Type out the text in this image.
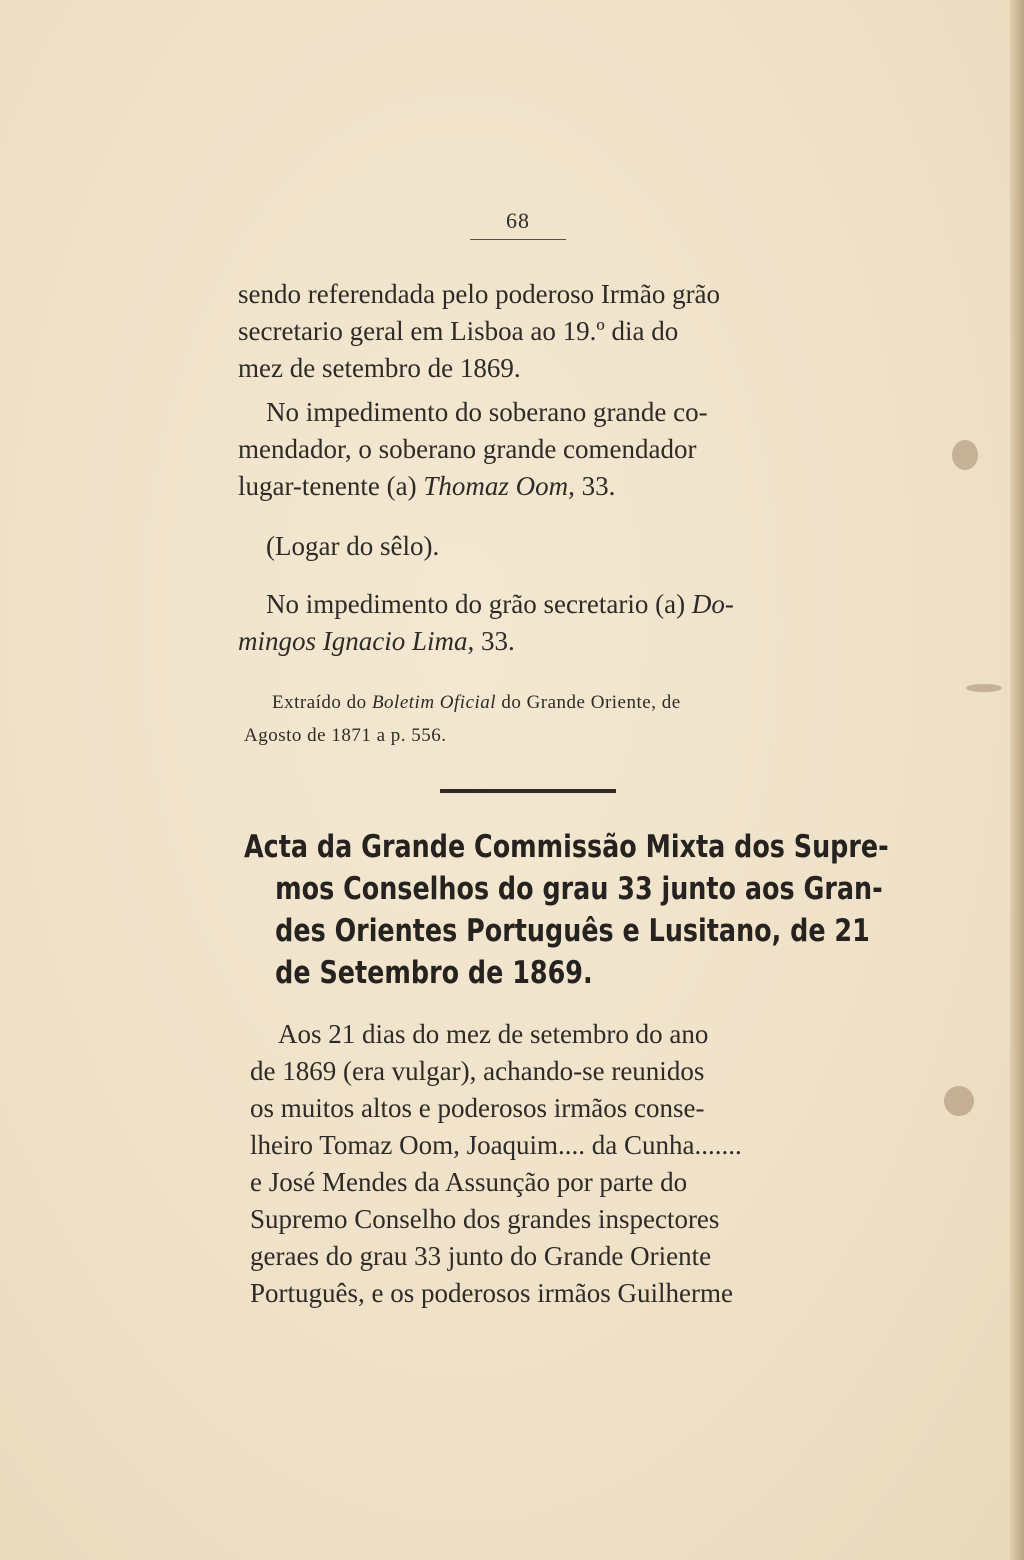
68
sendo referendada pelo poderoso Irmão grão
secretario geral em Lisboa ao 19.º dia do
mez de setembro de 1869.
No impedimento do soberano grande co-
mendador, o soberano grande comendador
lugar-tenente (a) Thomaz Oom, 33.
(Logar do sêlo).
No impedimento do grão secretario (a) Do-
mingos Ignacio Lima, 33.
Extraído do Boletim Oficial do Grande Oriente, de
Agosto de 1871 a p. 556.
Acta da Grande Commissão Mixta dos Supre-
mos Conselhos do grau 33 junto aos Gran-
des Orientes Português e Lusitano, de 21
de Setembro de 1869.
Aos 21 dias do mez de setembro do ano
de 1869 (era vulgar), achando-se reunidos
os muitos altos e poderosos irmãos conse-
lheiro Tomaz Oom, Joaquim.... da Cunha.......
e José Mendes da Assunção por parte do
Supremo Conselho dos grandes inspectores
geraes do grau 33 junto do Grande Oriente
Português, e os poderosos irmãos Guilherme
